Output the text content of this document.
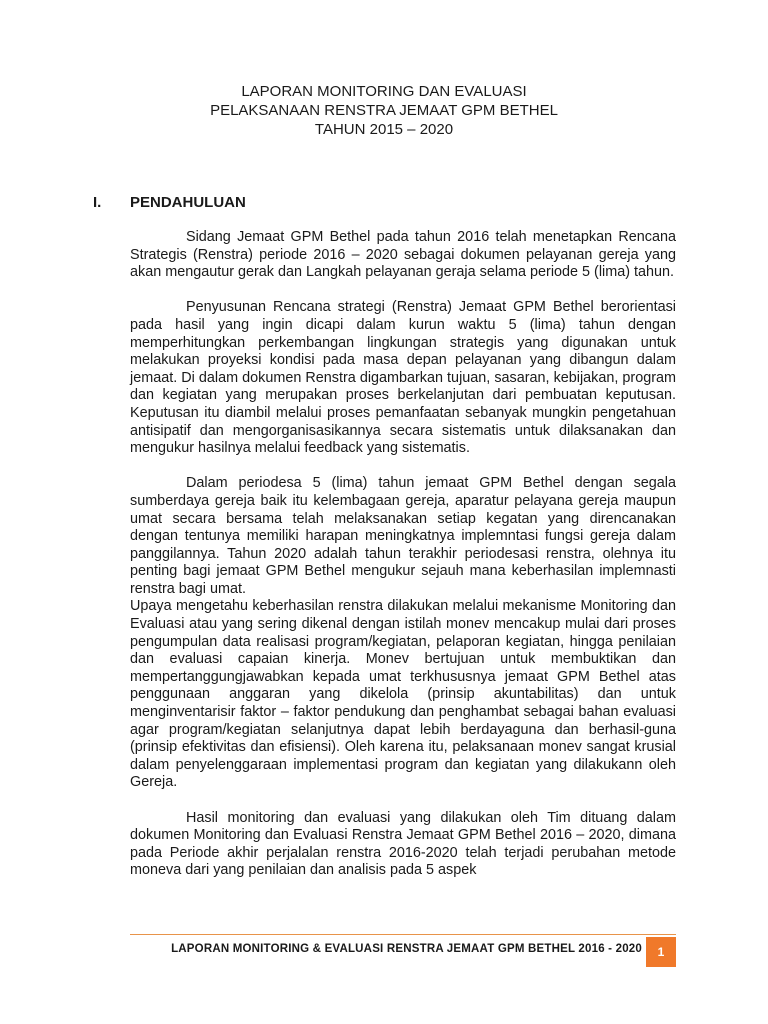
LAPORAN MONITORING DAN EVALUASI
PELAKSANAAN RENSTRA JEMAAT GPM BETHEL
TAHUN 2015 – 2020
I. PENDAHULUAN

Sidang Jemaat GPM Bethel pada tahun 2016 telah menetapkan Rencana Strategis (Renstra) periode 2016 – 2020 sebagai dokumen pelayanan gereja yang akan mengautur gerak dan Langkah pelayanan geraja selama periode 5 (lima) tahun.

Penyusunan Rencana strategi (Renstra) Jemaat GPM Bethel berorientasi pada hasil yang ingin dicapi dalam kurun waktu 5 (lima) tahun dengan memperhitungkan perkembangan lingkungan strategis yang digunakan untuk melakukan proyeksi kondisi pada masa depan pelayanan yang dibangun dalam jemaat. Di dalam dokumen Renstra digambarkan tujuan, sasaran, kebijakan, program dan kegiatan yang merupakan proses berkelanjutan dari pembuatan keputusan. Keputusan itu diambil melalui proses pemanfaatan sebanyak mungkin pengetahuan antisipatif dan mengorganisasikannya secara sistematis untuk dilaksanakan dan mengukur hasilnya melalui feedback yang sistematis.

Dalam periodesa 5 (lima) tahun jemaat GPM Bethel dengan segala sumberdaya gereja baik itu kelembagaan gereja, aparatur pelayana gereja maupun umat secara bersama telah melaksanakan setiap kegatan yang direncanakan dengan tentunya memiliki harapan meningkatnya implemntasi fungsi gereja dalam panggilannya. Tahun 2020 adalah tahun terakhir periodesasi renstra, olehnya itu penting bagi jemaat GPM Bethel mengukur sejauh mana keberhasilan implemnasti renstra bagi umat.

Upaya mengetahu keberhasilan renstra dilakukan melalui mekanisme Monitoring dan Evaluasi atau yang sering dikenal dengan istilah monev mencakup mulai dari proses pengumpulan data realisasi program/kegiatan, pelaporan kegiatan, hingga penilaian dan evaluasi capaian kinerja. Monev bertujuan untuk membuktikan dan mempertanggungjawabkan kepada umat terkhususnya jemaat GPM Bethel atas penggunaan anggaran yang dikelola (prinsip akuntabilitas) dan untuk menginventarisir faktor – faktor pendukung dan penghambat sebagai bahan evaluasi agar program/kegiatan selanjutnya dapat lebih berdayaguna dan berhasil-guna (prinsip efektivitas dan efisiensi). Oleh karena itu, pelaksanaan monev sangat krusial dalam penyelenggaraan implementasi program dan kegiatan yang dilakukann oleh Gereja.

Hasil monitoring dan evaluasi yang dilakukan oleh Tim dituang dalam dokumen Monitoring dan Evaluasi Renstra Jemaat GPM Bethel 2016 – 2020, dimana pada Periode akhir perjalalan renstra 2016-2020 telah terjadi perubahan metode moneva dari yang penilaian dan analisis pada 5 aspek

LAPORAN MONITORING & EVALUASI RENSTRA JEMAAT GPM BETHEL 2016 - 2020	1
